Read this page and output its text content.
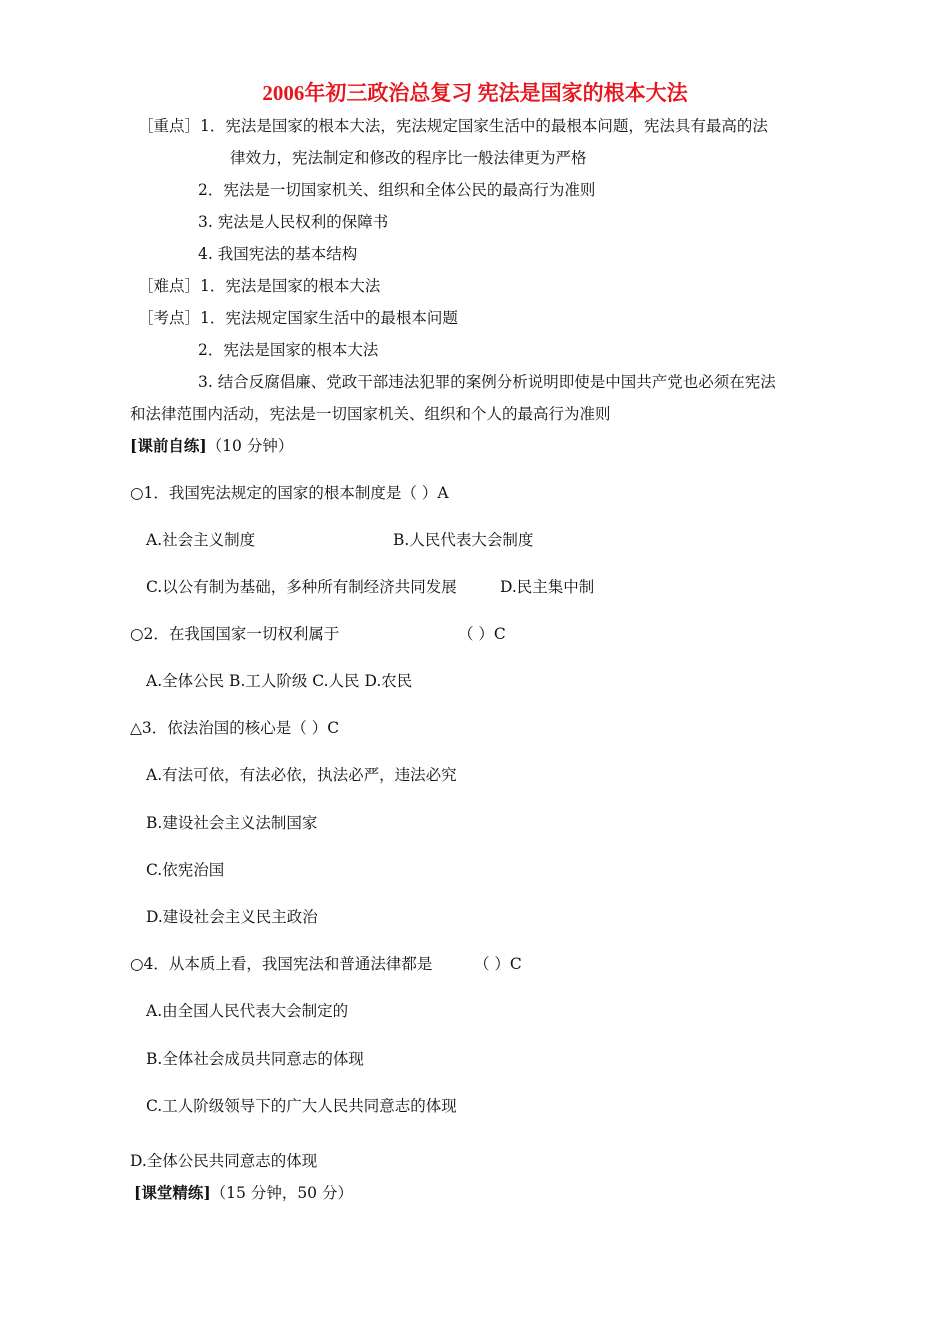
2006年初三政治总复习 宪法是国家的根本大法
［重点］1．宪法是国家的根本大法，宪法规定国家生活中的最根本问题，宪法具有最高的法
律效力，宪法制定和修改的程序比一般法律更为严格
2．宪法是一切国家机关、组织和全体公民的最高行为准则
3. 宪法是人民权利的保障书
4. 我国宪法的基本结构
［难点］1．宪法是国家的根本大法
［考点］1．宪法规定国家生活中的最根本问题
2．宪法是国家的根本大法
3. 结合反腐倡廉、党政干部违法犯罪的案例分析说明即使是中国共产党也必须在宪法
和法律范围内活动，宪法是一切国家机关、组织和个人的最高行为准则
[课前自练]（10 分钟）
○1．我国宪法规定的国家的根本制度是（ ）A
A.社会主义制度	B.人民代表大会制度
C.以公有制为基础，多种所有制经济共同发展	D.民主集中制
○2．在我国国家一切权利属于	（ ）C
A.全体公民 B.工人阶级 C.人民 D.农民
△3．依法治国的核心是（ ）C
A.有法可依，有法必依，执法必严，违法必究
B.建设社会主义法制国家
C.依宪治国
D.建设社会主义民主政治
○4．从本质上看，我国宪法和普通法律都是	（ ）C
A.由全国人民代表大会制定的
B.全体社会成员共同意志的体现
C.工人阶级领导下的广大人民共同意志的体现
D.全体公民共同意志的体现
[课堂精练]（15 分钟，50 分）
